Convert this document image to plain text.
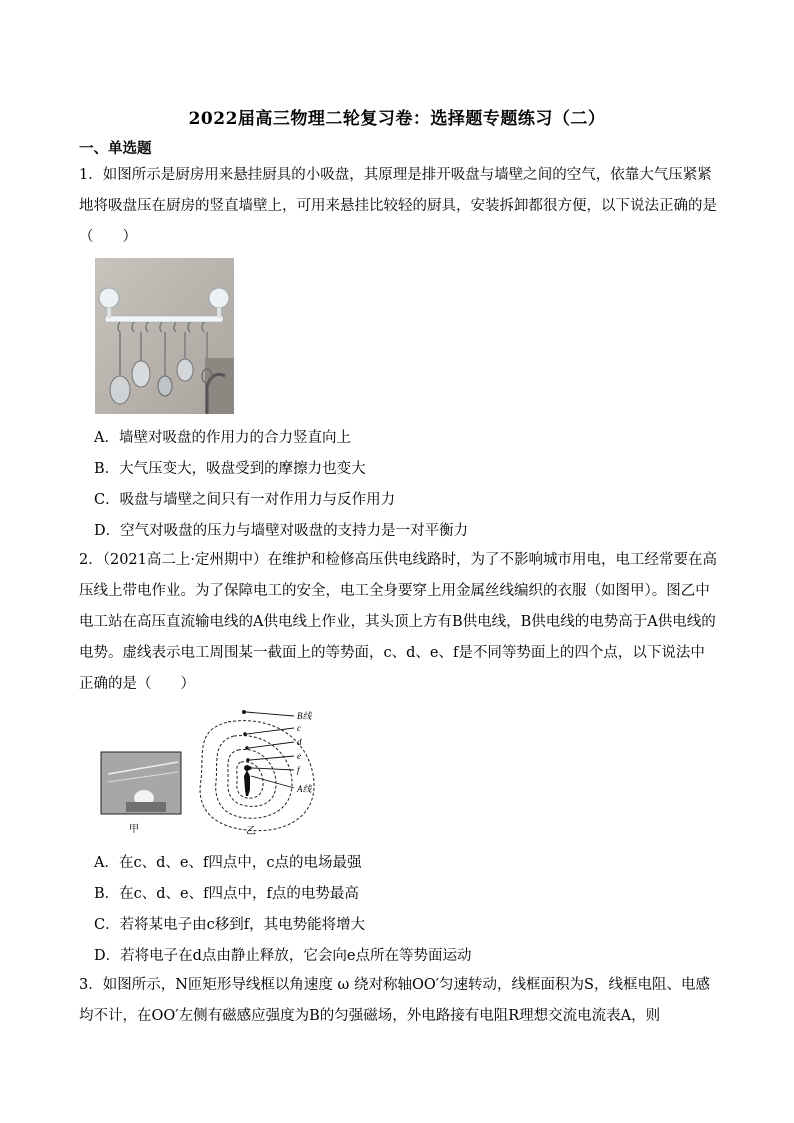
2022届高三物理二轮复习卷：选择题专题练习（二）
一、单选题
1．如图所示是厨房用来悬挂厨具的小吸盘，其原理是排开吸盘与墙壁之间的空气，依靠大气压紧紧地将吸盘压在厨房的竖直墙壁上，可用来悬挂比较轻的厨具，安装拆卸都很方便，以下说法正确的是（　　）
A．墙壁对吸盘的作用力的合力竖直向上
B．大气压变大，吸盘受到的摩擦力也变大
C．吸盘与墙壁之间只有一对作用力与反作用力
D．空气对吸盘的压力与墙壁对吸盘的支持力是一对平衡力
2．（2021高二上·定州期中）在维护和检修高压供电线路时，为了不影响城市用电，电工经常要在高压线上带电作业。为了保障电工的安全，电工全身要穿上用金属丝线编织的衣服（如图甲）。图乙中电工站在高压直流输电线的A供电线上作业，其头顶上方有B供电线，B供电线的电势高于A供电线的电势。虚线表示电工周围某一截面上的等势面，c、d、e、f是不同等势面上的四个点，以下说法中正确的是（　　）
甲
B线
c
d
e
f
A线
乙
A．在c、d、e、f四点中，c点的电场最强
B．在c、d、e、f四点中，f点的电势最高
C．若将某电子由c移到f，其电势能将增大
D．若将电子在d点由静止释放，它会向e点所在等势面运动
3．如图所示，N匝矩形导线框以角速度 ω 绕对称轴OO′匀速转动，线框面积为S，线框电阻、电感均不计，在OO′左侧有磁感应强度为B的匀强磁场，外电路接有电阻R理想交流电流表A，则
